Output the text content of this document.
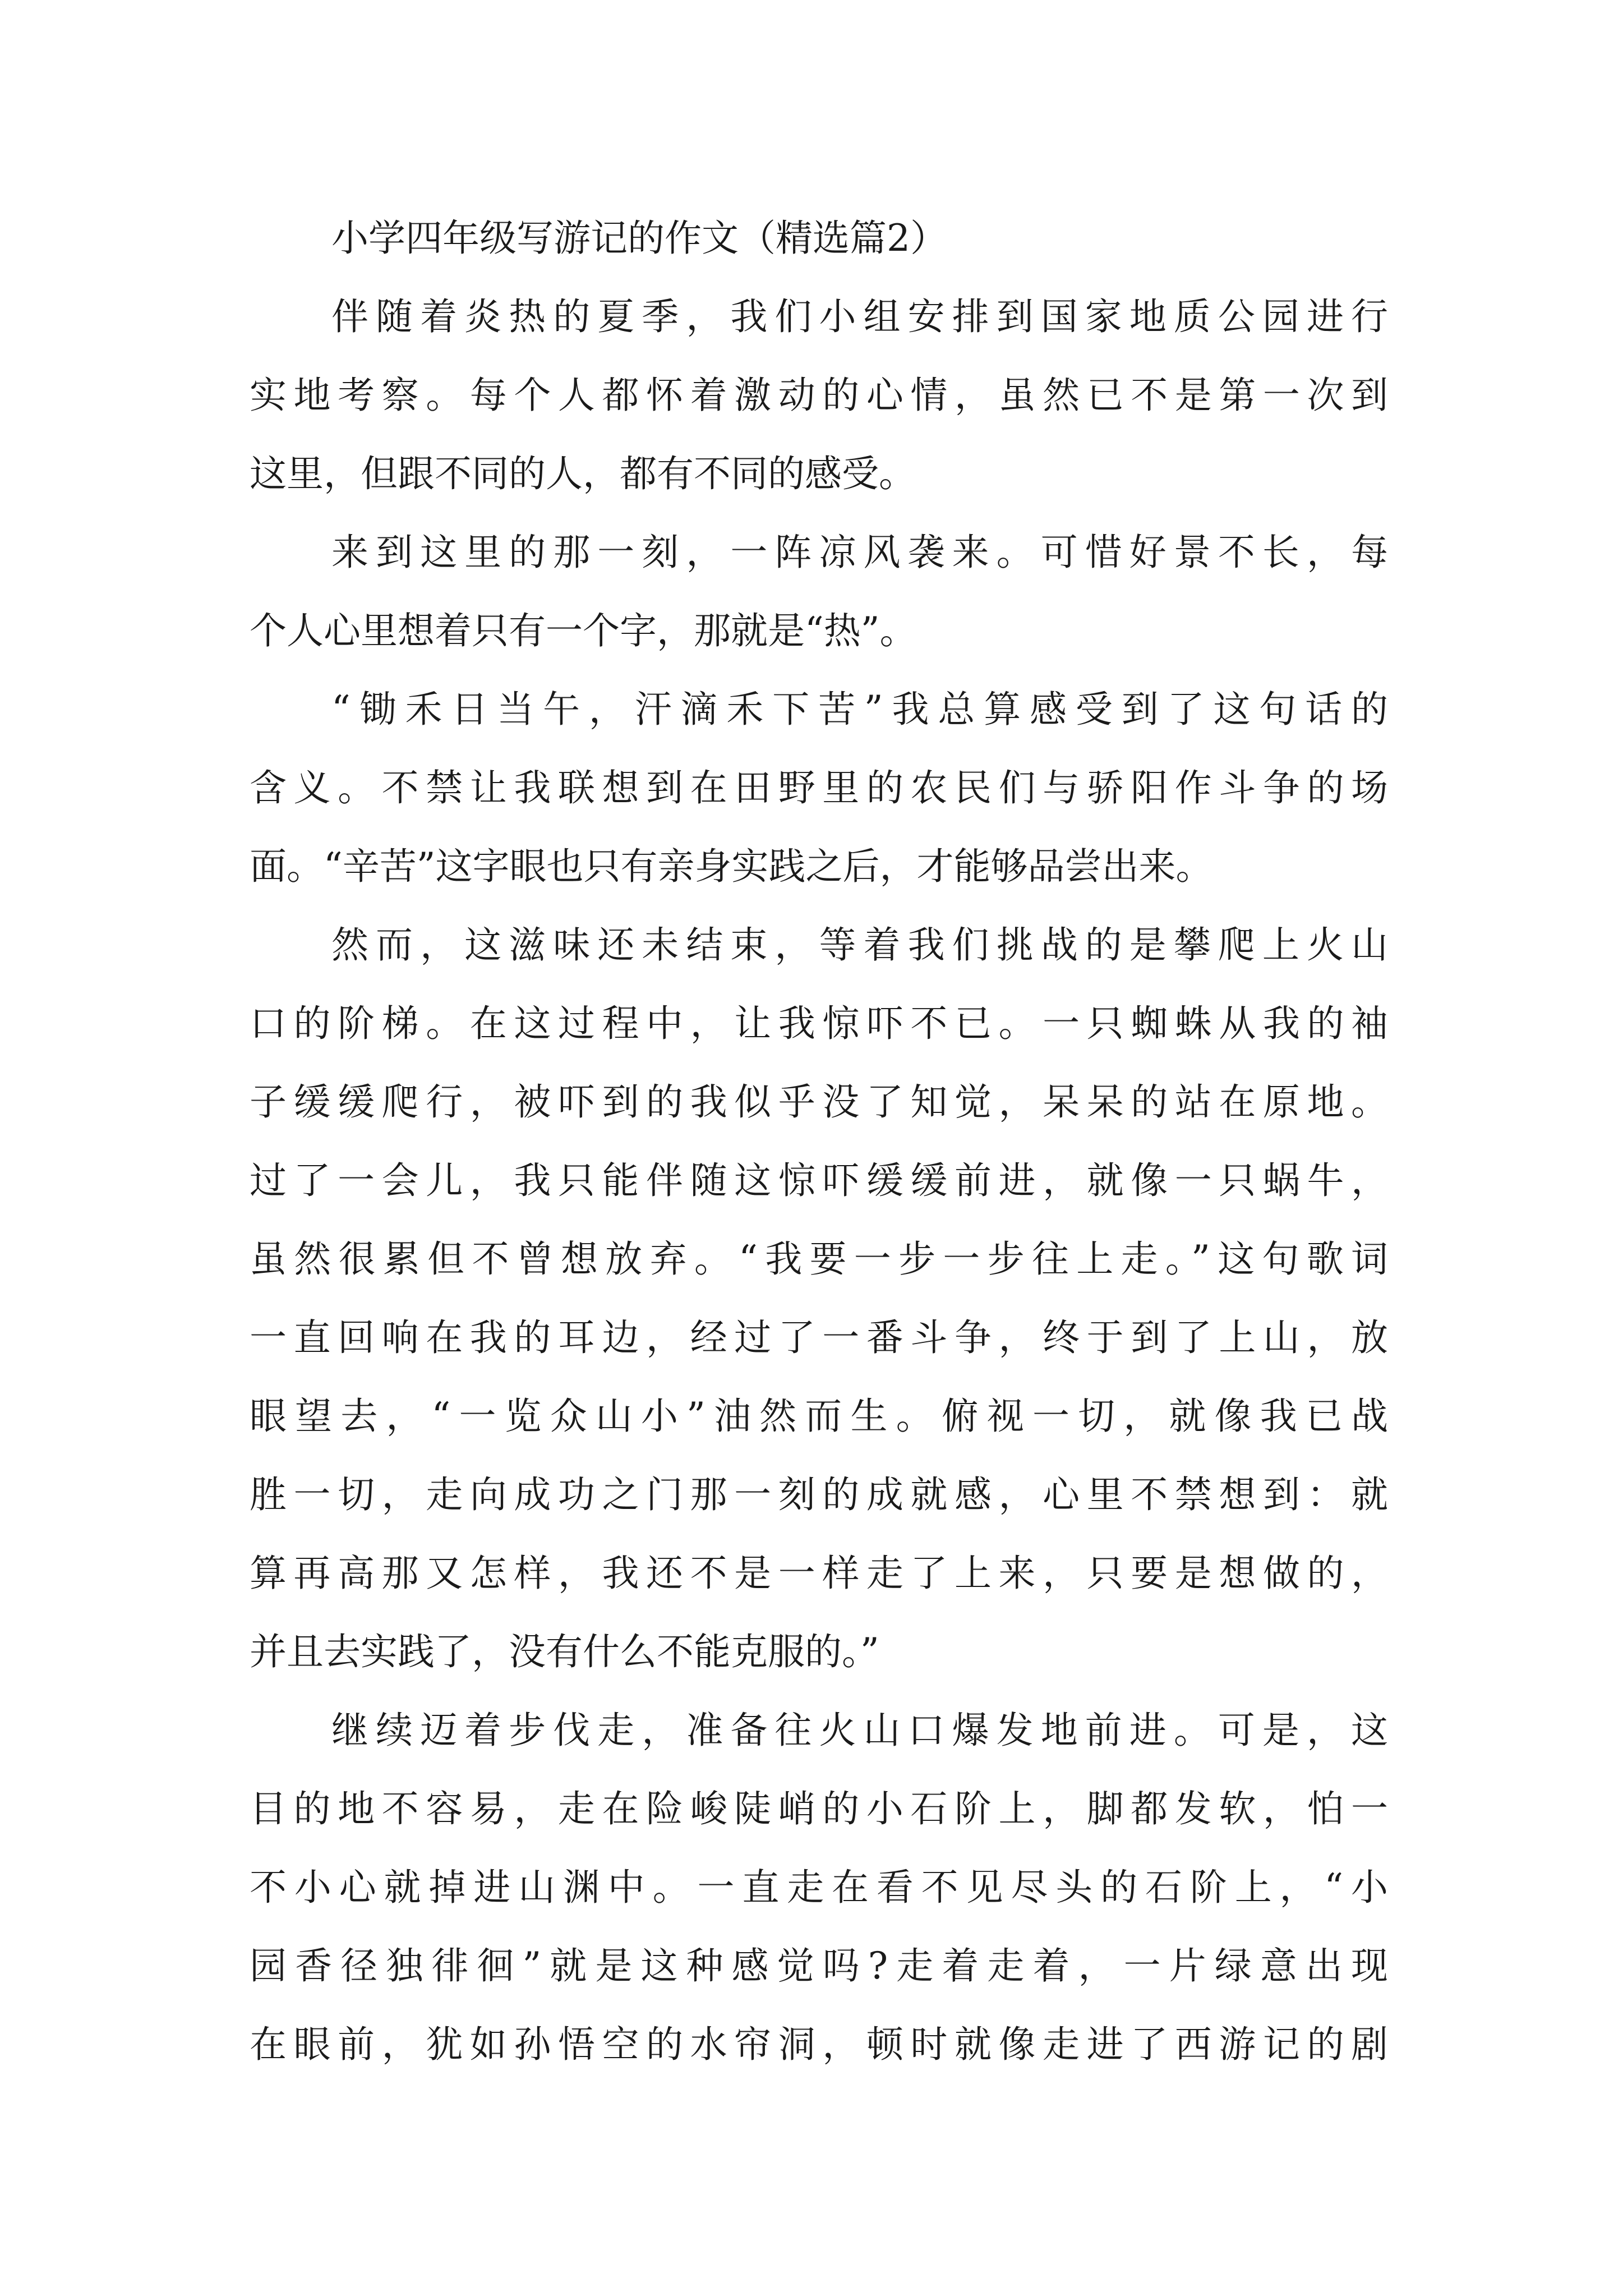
小学四年级写游记的作文（精选篇2）
伴随着炎热的夏季，我们小组安排到国家地质公园进行
实地考察。每个人都怀着激动的心情，虽然已不是第一次到
这里，但跟不同的人，都有不同的感受。
来到这里的那一刻，一阵凉风袭来。可惜好景不长，每
个人心里想着只有一个字，那就是“热”。
“锄禾日当午，汗滴禾下苦”我总算感受到了这句话的
含义。不禁让我联想到在田野里的农民们与骄阳作斗争的场
面。“辛苦”这字眼也只有亲身实践之后，才能够品尝出来。
然而，这滋味还未结束，等着我们挑战的是攀爬上火山
口的阶梯。在这过程中，让我惊吓不已。一只蜘蛛从我的袖
子缓缓爬行，被吓到的我似乎没了知觉，呆呆的站在原地。
过了一会儿，我只能伴随这惊吓缓缓前进，就像一只蜗牛，
虽然很累但不曾想放弃。“我要一步一步往上走。”这句歌词
一直回响在我的耳边，经过了一番斗争，终于到了上山，放
眼望去，“一览众山小”油然而生。俯视一切，就像我已战
胜一切，走向成功之门那一刻的成就感，心里不禁想到：就
算再高那又怎样，我还不是一样走了上来，只要是想做的，
并且去实践了，没有什么不能克服的。”
继续迈着步伐走，准备往火山口爆发地前进。可是，这
目的地不容易，走在险峻陡峭的小石阶上，脚都发软，怕一
不小心就掉进山渊中。一直走在看不见尽头的石阶上，“小
园香径独徘徊”就是这种感觉吗?走着走着，一片绿意出现
在眼前，犹如孙悟空的水帘洞，顿时就像走进了西游记的剧
